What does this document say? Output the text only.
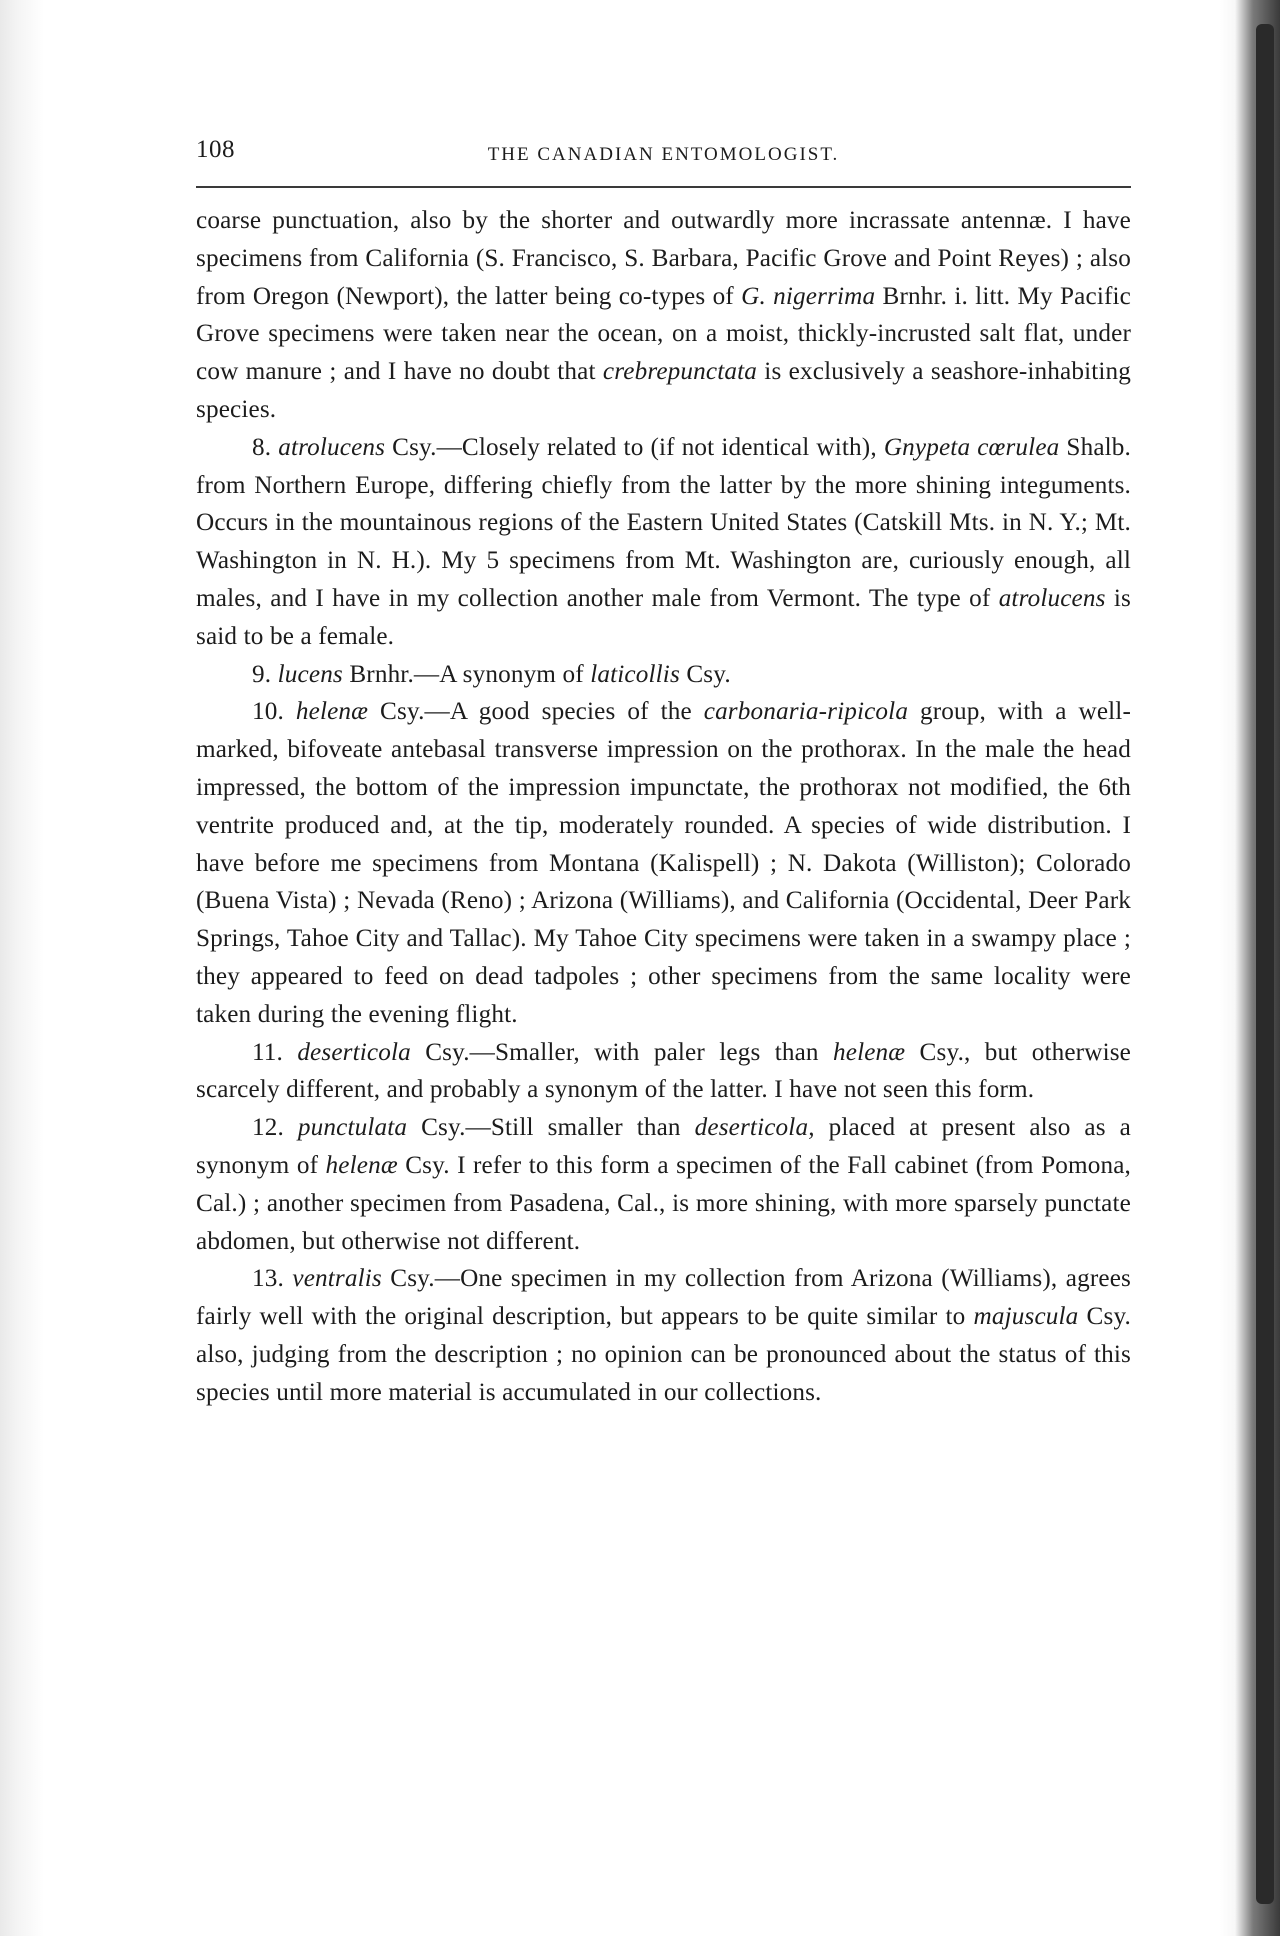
108	THE CANADIAN ENTOMOLOGIST.

coarse punctuation, also by the shorter and outwardly more incrassate antennæ. I have specimens from California (S. Francisco, S. Barbara, Pacific Grove and Point Reyes) ; also from Oregon (Newport), the latter being co-types of G. nigerrima Brnhr. i. litt. My Pacific Grove specimens were taken near the ocean, on a moist, thickly-incrusted salt flat, under cow manure ; and I have no doubt that crebrepunctata is exclusively a seashore-inhabiting species.

8. atrolucens Csy.—Closely related to (if not identical with), Gnypeta cœrulea Shalb. from Northern Europe, differing chiefly from the latter by the more shining integuments. Occurs in the mountainous regions of the Eastern United States (Catskill Mts. in N. Y.; Mt. Washington in N. H.). My 5 specimens from Mt. Washington are, curiously enough, all males, and I have in my collection another male from Vermont. The type of atrolucens is said to be a female.

9. lucens Brnhr.—A synonym of laticollis Csy.

10. helenæ Csy.—A good species of the carbonaria-ripicola group, with a well-marked, bifoveate antebasal transverse impression on the prothorax. In the male the head impressed, the bottom of the impression impunctate, the prothorax not modified, the 6th ventrite produced and, at the tip, moderately rounded. A species of wide distribution. I have before me specimens from Montana (Kalispell) ; N. Dakota (Williston); Colorado (Buena Vista) ; Nevada (Reno) ; Arizona (Williams), and California (Occidental, Deer Park Springs, Tahoe City and Tallac). My Tahoe City specimens were taken in a swampy place ; they appeared to feed on dead tadpoles ; other specimens from the same locality were taken during the evening flight.

11. deserticola Csy.—Smaller, with paler legs than helenæ Csy., but otherwise scarcely different, and probably a synonym of the latter. I have not seen this form.

12. punctulata Csy.—Still smaller than deserticola, placed at present also as a synonym of helenæ Csy. I refer to this form a specimen of the Fall cabinet (from Pomona, Cal.) ; another specimen from Pasadena, Cal., is more shining, with more sparsely punctate abdomen, but otherwise not different.

13. ventralis Csy.—One specimen in my collection from Arizona (Williams), agrees fairly well with the original description, but appears to be quite similar to majuscula Csy. also, judging from the description ; no opinion can be pronounced about the status of this species until more material is accumulated in our collections.
